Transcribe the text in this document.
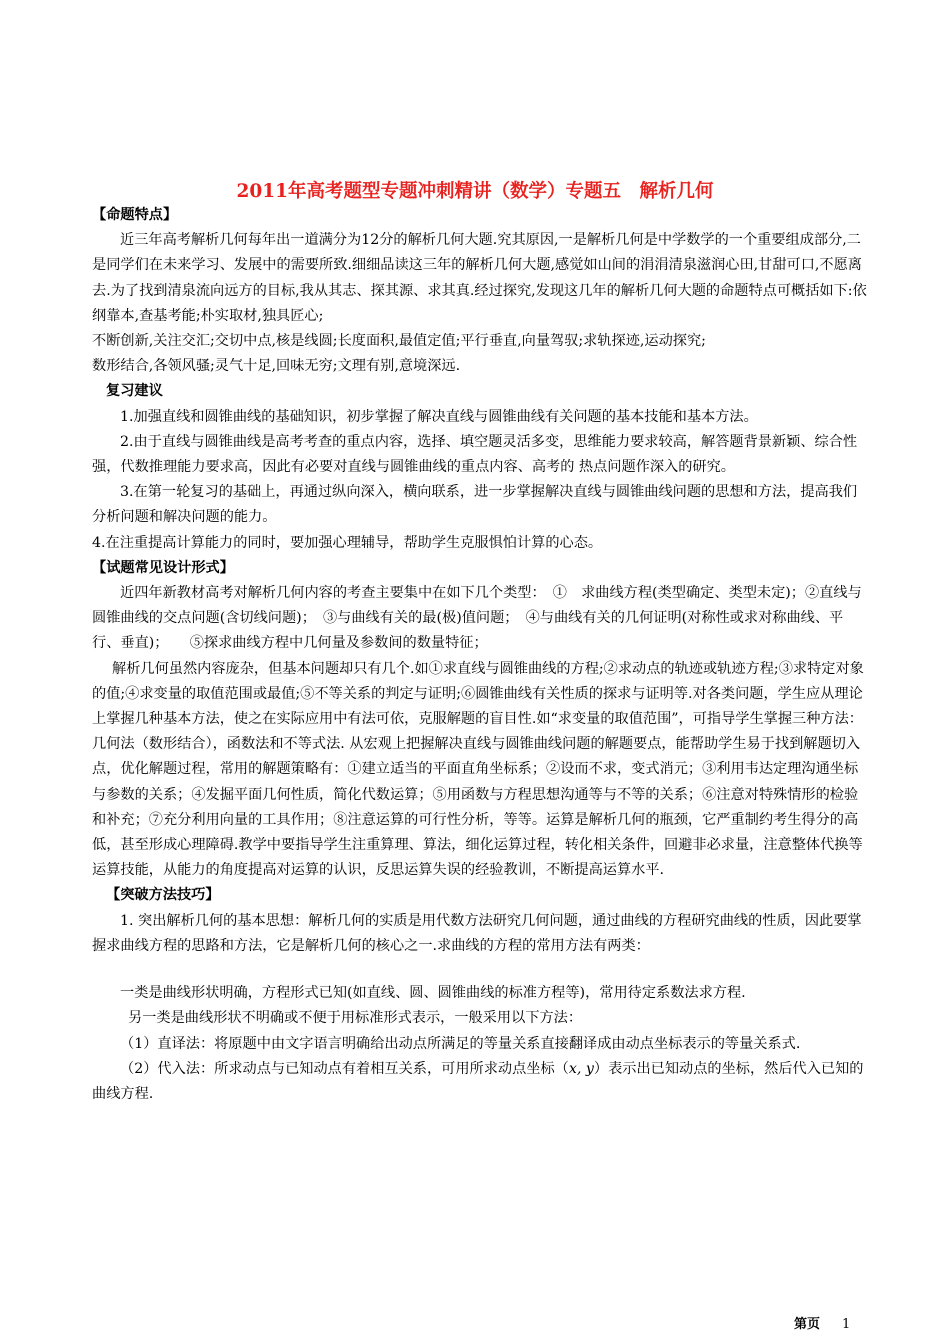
2011年高考题型专题冲刺精讲（数学）专题五　解析几何

【命题特点】

近三年高考解析几何每年出一道满分为12分的解析几何大题.究其原因,一是解析几何是中学数学的一个重要组成部分,二是同学们在未来学习、发展中的需要所致.细细品读这三年的解析几何大题,感觉如山间的涓涓清泉滋润心田,甘甜可口,不愿离去.为了找到清泉流向远方的目标,我从其志、探其源、求其真.经过探究,发现这几年的解析几何大题的命题特点可概括如下:依纲靠本,查基考能;朴实取材,独具匠心;

不断创新,关注交汇;交切中点,核是线圆;长度面积,最值定值;平行垂直,向量驾驭;求轨探迹,运动探究;

数形结合,各领风骚;灵气十足,回味无穷;文理有别,意境深远.

复习建议

1.加强直线和圆锥曲线的基础知识，初步掌握了解决直线与圆锥曲线有关问题的基本技能和基本方法。

2.由于直线与圆锥曲线是高考考查的重点内容，选择、填空题灵活多变，思维能力要求较高，解答题背景新颖、综合性强，代数推理能力要求高，因此有必要对直线与圆锥曲线的重点内容、高考的 热点问题作深入的研究。

3.在第一轮复习的基础上，再通过纵向深入，横向联系，进一步掌握解决直线与圆锥曲线问题的思想和方法，提高我们分析问题和解决问题的能力。

4.在注重提高计算能力的同时，要加强心理辅导，帮助学生克服惧怕计算的心态。

【试题常见设计形式】

近四年新教材高考对解析几何内容的考查主要集中在如下几个类型：　①　求曲线方程(类型确定、类型未定)；②直线与圆锥曲线的交点问题(含切线问题)；　③与曲线有关的最(极)值问题；　④与曲线有关的几何证明(对称性或求对称曲线、平行、垂直)；　　⑤探求曲线方程中几何量及参数间的数量特征；

解析几何虽然内容庞杂，但基本问题却只有几个.如①求直线与圆锥曲线的方程;②求动点的轨迹或轨迹方程;③求特定对象的值;④求变量的取值范围或最值;⑤不等关系的判定与证明;⑥圆锥曲线有关性质的探求与证明等.对各类问题，学生应从理论上掌握几种基本方法，使之在实际应用中有法可依，克服解题的盲目性.如“求变量的取值范围”，可指导学生掌握三种方法：几何法（数形结合），函数法和不等式法. 从宏观上把握解决直线与圆锥曲线问题的解题要点，能帮助学生易于找到解题切入点，优化解题过程，常用的解题策略有：①建立适当的平面直角坐标系；②设而不求，变式消元；③利用韦达定理沟通坐标与参数的关系；④发掘平面几何性质，简化代数运算；⑤用函数与方程思想沟通等与不等的关系；⑥注意对特殊情形的检验和补充；⑦充分利用向量的工具作用；⑧注意运算的可行性分析，等等。运算是解析几何的瓶颈，它严重制约考生得分的高低，甚至形成心理障碍.教学中要指导学生注重算理、算法，细化运算过程，转化相关条件，回避非必求量，注意整体代换等运算技能，从能力的角度提高对运算的认识，反思运算失误的经验教训，不断提高运算水平.

【突破方法技巧】

1. 突出解析几何的基本思想：解析几何的实质是用代数方法研究几何问题，通过曲线的方程研究曲线的性质，因此要掌握求曲线方程的思路和方法，它是解析几何的核心之一.求曲线的方程的常用方法有两类：

一类是曲线形状明确，方程形式已知(如直线、圆、圆锥曲线的标准方程等)，常用待定系数法求方程.

另一类是曲线形状不明确或不便于用标准形式表示，一般采用以下方法：

（1）直译法：将原题中由文字语言明确给出动点所满足的等量关系直接翻译成由动点坐标表示的等量关系式.

（2）代入法：所求动点与已知动点有着相互关系，可用所求动点坐标（x, y）表示出已知动点的坐标，然后代入已知的曲线方程.

第页 1
